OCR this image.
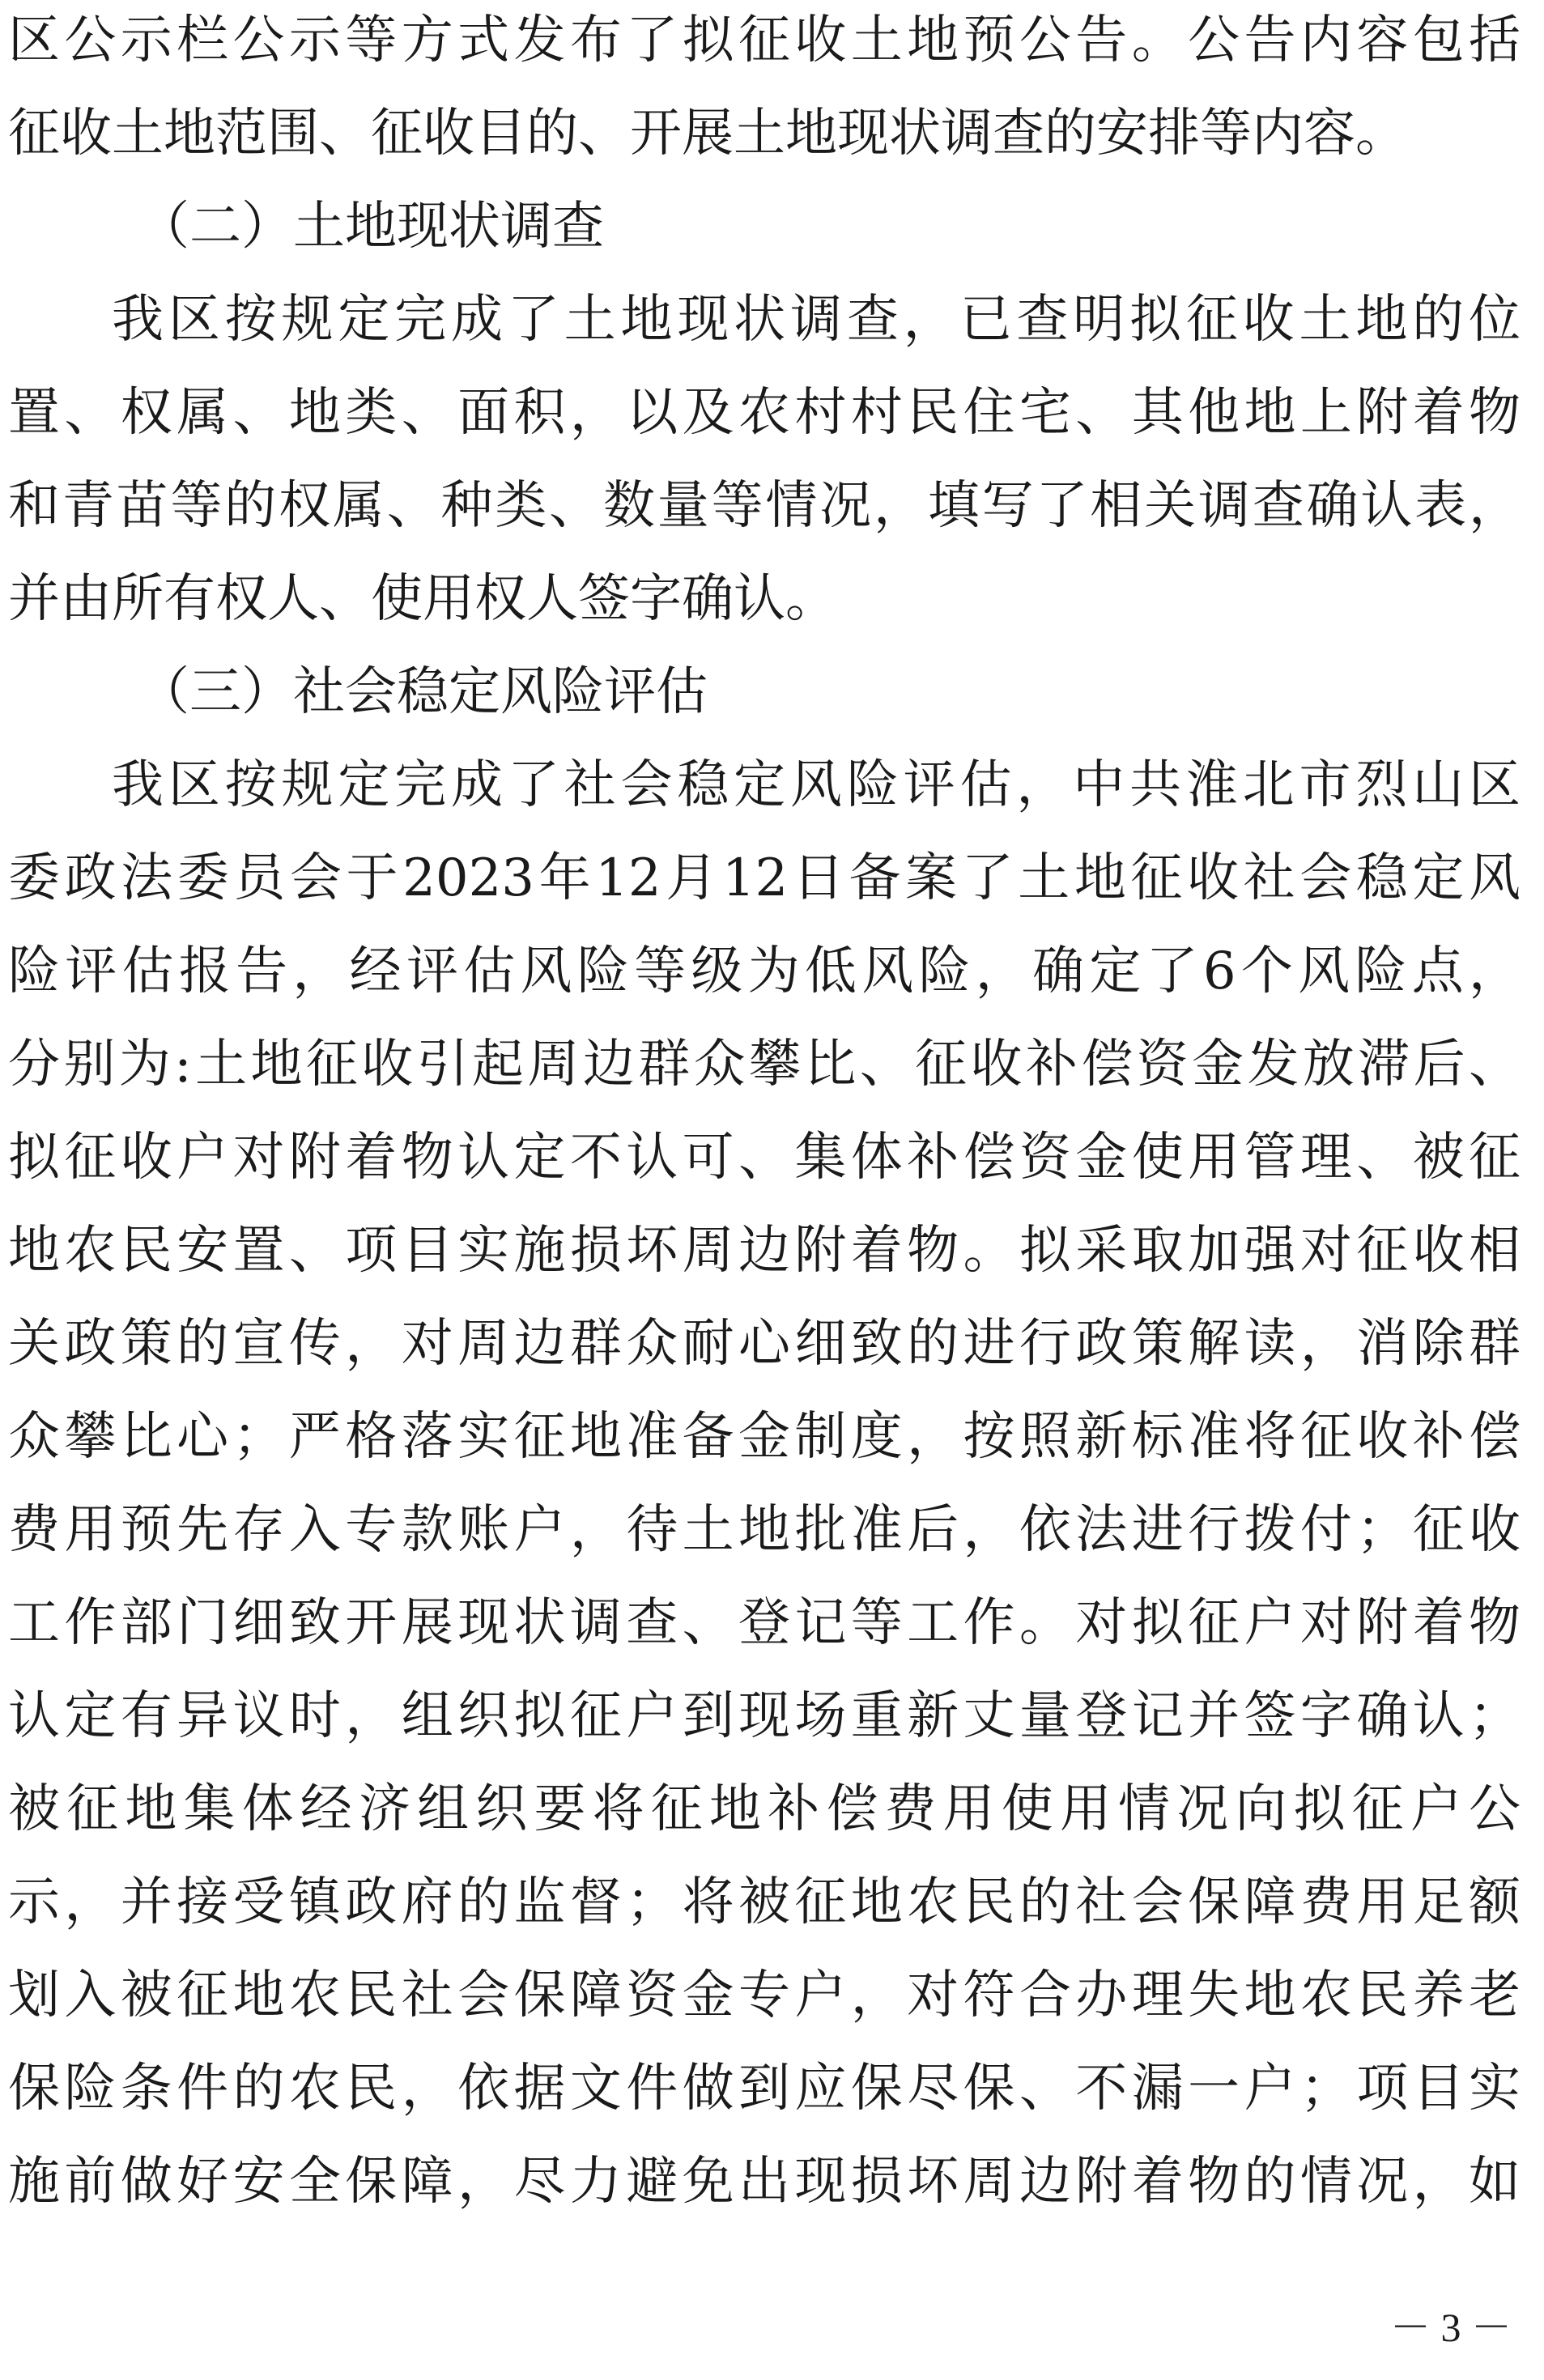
区公示栏公示等方式发布了拟征收土地预公告。公告内容包括
征收土地范围、征收目的、开展土地现状调查的安排等内容。
（二）土地现状调查
我区按规定完成了土地现状调查，已查明拟征收土地的位
置、权属、地类、面积，以及农村村民住宅、其他地上附着物
和青苗等的权属、种类、数量等情况，填写了相关调查确认表，
并由所有权人、使用权人签字确认。
（三）社会稳定风险评估
我区按规定完成了社会稳定风险评估，中共淮北市烈山区
委政法委员会于2023年12月12日备案了土地征收社会稳定风
险评估报告，经评估风险等级为低风险，确定了6个风险点，
分别为:土地征收引起周边群众攀比、征收补偿资金发放滞后、
拟征收户对附着物认定不认可、集体补偿资金使用管理、被征
地农民安置、项目实施损坏周边附着物。拟采取加强对征收相
关政策的宣传，对周边群众耐心细致的进行政策解读，消除群
众攀比心；严格落实征地准备金制度，按照新标准将征收补偿
费用预先存入专款账户，待土地批准后，依法进行拨付；征收
工作部门细致开展现状调查、登记等工作。对拟征户对附着物
认定有异议时，组织拟征户到现场重新丈量登记并签字确认；
被征地集体经济组织要将征地补偿费用使用情况向拟征户公
示，并接受镇政府的监督；将被征地农民的社会保障费用足额
划入被征地农民社会保障资金专户，对符合办理失地农民养老
保险条件的农民，依据文件做到应保尽保、不漏一户；项目实
施前做好安全保障，尽力避免出现损坏周边附着物的情况，如
－ 3 －
